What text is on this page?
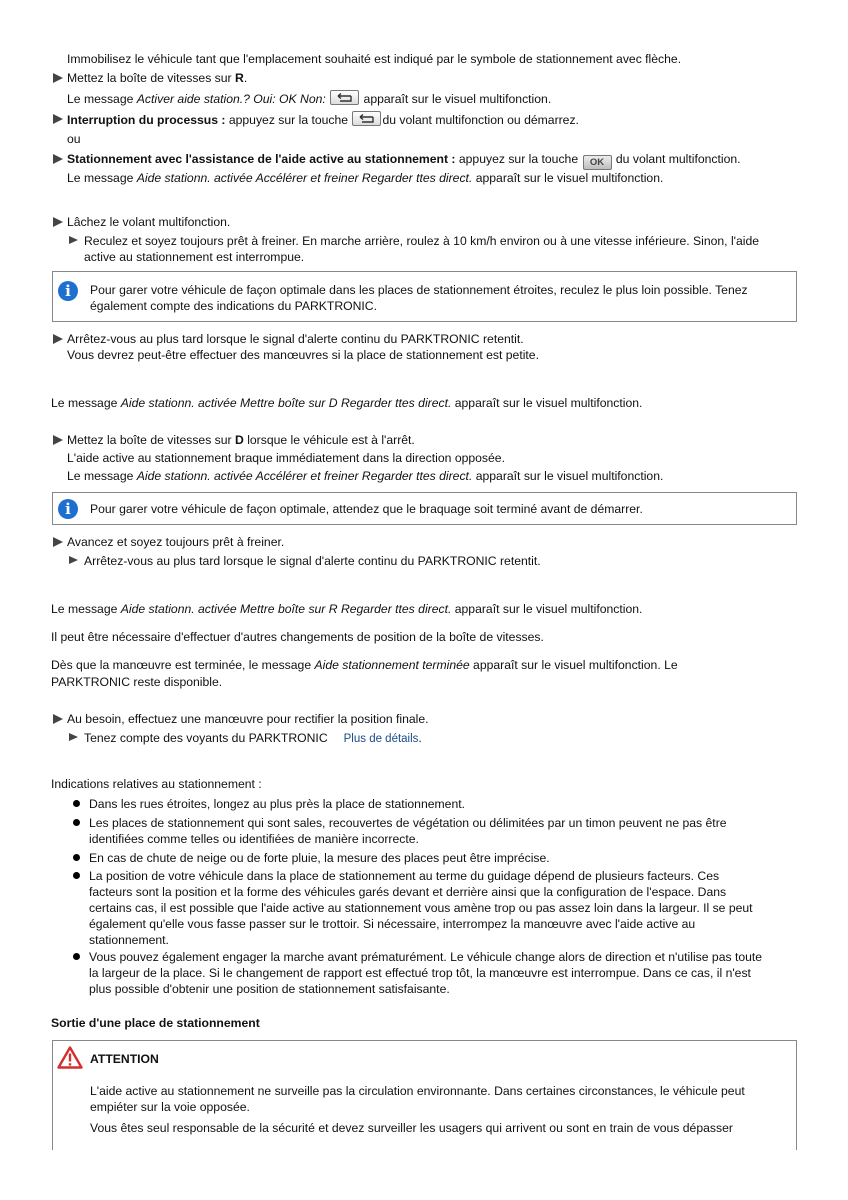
Immobilisez le véhicule tant que l'emplacement souhaité est indiqué par le symbole de stationnement avec flèche.
Mettez la boîte de vitesses sur R.
Le message Activer aide station.? Oui: OK Non:	apparaît sur le visuel multifonction.
Interruption du processus : appuyez sur la touche	du volant multifonction ou démarrez.
ou
Stationnement avec l'assistance de l'aide active au stationnement : appuyez sur la touche OK du volant multifonction.
Le message Aide stationn. activée Accélérer et freiner Regarder ttes direct. apparaît sur le visuel multifonction.
Lâchez le volant multifonction.
Reculez et soyez toujours prêt à freiner. En marche arrière, roulez à 10 km/h environ ou à une vitesse inférieure. Sinon, l'aide
active au stationnement est interrompue.
i	Pour garer votre véhicule de façon optimale dans les places de stationnement étroites, reculez le plus loin possible. Tenez
également compte des indications du PARKTRONIC.
Arrêtez-vous au plus tard lorsque le signal d'alerte continu du PARKTRONIC retentit.
Vous devrez peut-être effectuer des manœuvres si la place de stationnement est petite.
Le message Aide stationn. activée Mettre boîte sur D Regarder ttes direct. apparaît sur le visuel multifonction.
Mettez la boîte de vitesses sur D lorsque le véhicule est à l'arrêt.
L'aide active au stationnement braque immédiatement dans la direction opposée.
Le message Aide stationn. activée Accélérer et freiner Regarder ttes direct. apparaît sur le visuel multifonction.
i	Pour garer votre véhicule de façon optimale, attendez que le braquage soit terminé avant de démarrer.
Avancez et soyez toujours prêt à freiner.
Arrêtez-vous au plus tard lorsque le signal d'alerte continu du PARKTRONIC retentit.
Le message Aide stationn. activée Mettre boîte sur R Regarder ttes direct. apparaît sur le visuel multifonction.
Il peut être nécessaire d'effectuer d'autres changements de position de la boîte de vitesses.
Dès que la manœuvre est terminée, le message Aide stationnement terminée apparaît sur le visuel multifonction. Le
PARKTRONIC reste disponible.
Au besoin, effectuez une manœuvre pour rectifier la position finale.
Tenez compte des voyants du PARKTRONIC Plus de détails.
Indications relatives au stationnement :
Dans les rues étroites, longez au plus près la place de stationnement.
Les places de stationnement qui sont sales, recouvertes de végétation ou délimitées par un timon peuvent ne pas être
identifiées comme telles ou identifiées de manière incorrecte.
En cas de chute de neige ou de forte pluie, la mesure des places peut être imprécise.
La position de votre véhicule dans la place de stationnement au terme du guidage dépend de plusieurs facteurs. Ces
facteurs sont la position et la forme des véhicules garés devant et derrière ainsi que la configuration de l'espace. Dans
certains cas, il est possible que l'aide active au stationnement vous amène trop ou pas assez loin dans la largeur. Il se peut
également qu'elle vous fasse passer sur le trottoir. Si nécessaire, interrompez la manœuvre avec l'aide active au
stationnement.
Vous pouvez également engager la marche avant prématurément. Le véhicule change alors de direction et n'utilise pas toute
la largeur de la place. Si le changement de rapport est effectué trop tôt, la manœuvre est interrompue. Dans ce cas, il n'est
plus possible d'obtenir une position de stationnement satisfaisante.
Sortie d'une place de stationnement
ATTENTION
L'aide active au stationnement ne surveille pas la circulation environnante. Dans certaines circonstances, le véhicule peut
empiéter sur la voie opposée.
Vous êtes seul responsable de la sécurité et devez surveiller les usagers qui arrivent ou sont en train de vous dépasser
